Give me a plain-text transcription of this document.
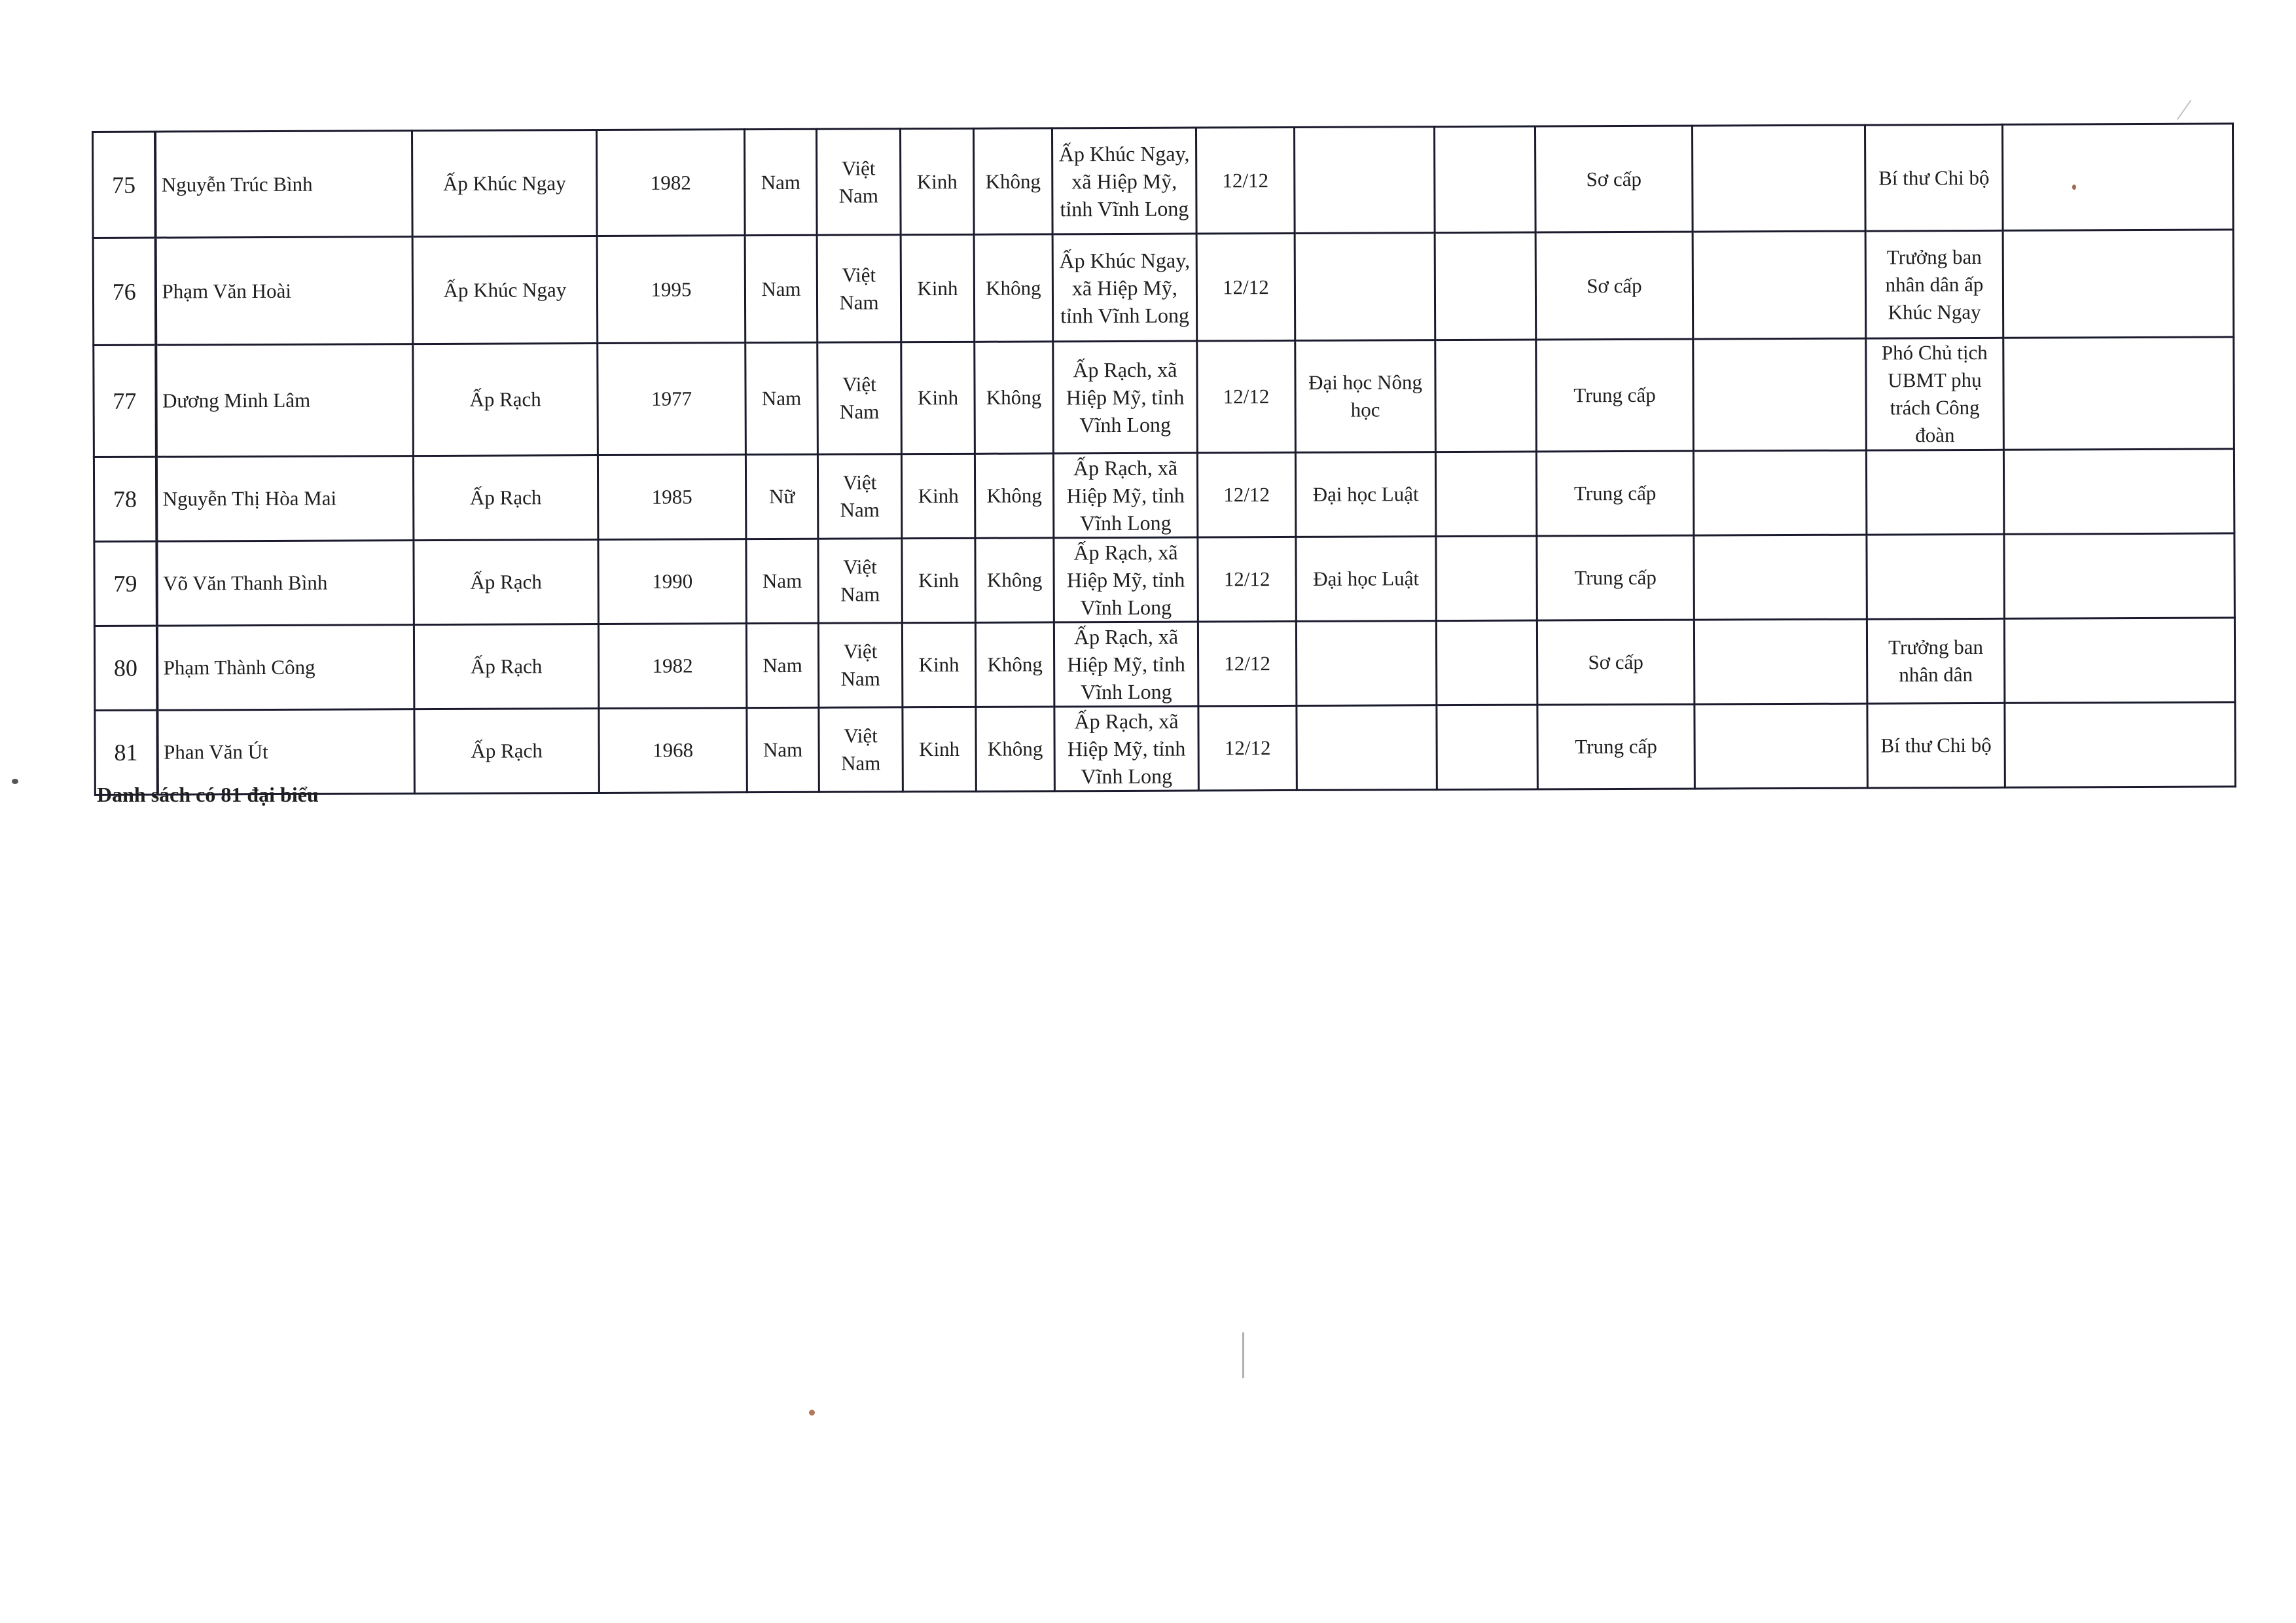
75	Nguyễn Trúc Bình	Ấp Khúc Ngay	1982	Nam	Việt Nam	Kinh	Không	Ấp Khúc Ngay, xã Hiệp Mỹ, tỉnh Vĩnh Long	12/12			Sơ cấp		Bí thư Chi bộ	
76	Phạm Văn Hoài	Ấp Khúc Ngay	1995	Nam	Việt Nam	Kinh	Không	Ấp Khúc Ngay, xã Hiệp Mỹ, tỉnh Vĩnh Long	12/12			Sơ cấp		Trưởng ban nhân dân ấp Khúc Ngay	
77	Dương Minh Lâm	Ấp Rạch	1977	Nam	Việt Nam	Kinh	Không	Ấp Rạch, xã Hiệp Mỹ, tỉnh Vĩnh Long	12/12	Đại học Nông học		Trung cấp		Phó Chủ tịch UBMT phụ trách Công đoàn	
78	Nguyễn Thị Hòa Mai	Ấp Rạch	1985	Nữ	Việt Nam	Kinh	Không	Ấp Rạch, xã Hiệp Mỹ, tỉnh Vĩnh Long	12/12	Đại học Luật		Trung cấp			
79	Võ Văn Thanh Bình	Ấp Rạch	1990	Nam	Việt Nam	Kinh	Không	Ấp Rạch, xã Hiệp Mỹ, tỉnh Vĩnh Long	12/12	Đại học Luật		Trung cấp			
80	Phạm Thành Công	Ấp Rạch	1982	Nam	Việt Nam	Kinh	Không	Ấp Rạch, xã Hiệp Mỹ, tỉnh Vĩnh Long	12/12			Sơ cấp		Trưởng ban nhân dân	
81	Phan Văn Út	Ấp Rạch	1968	Nam	Việt Nam	Kinh	Không	Ấp Rạch, xã Hiệp Mỹ, tỉnh Vĩnh Long	12/12			Trung cấp		Bí thư Chi bộ	
Danh sách có 81 đại biểu
